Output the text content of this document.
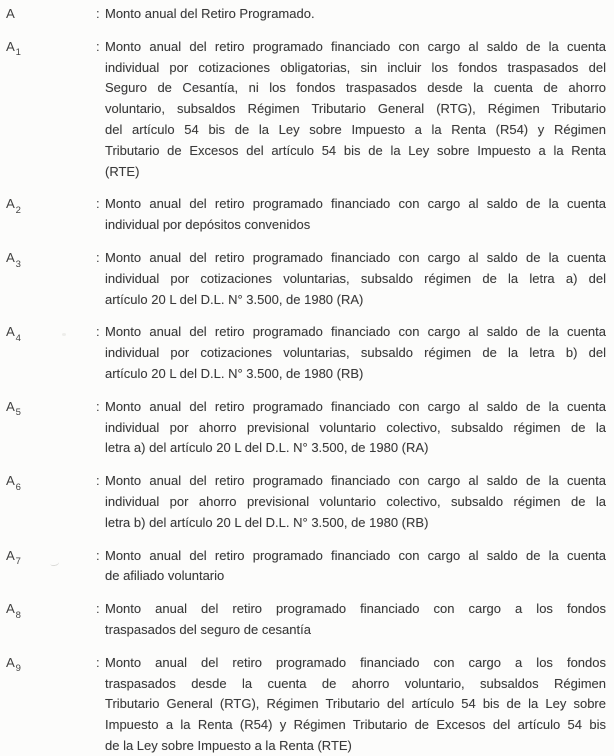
A	: Monto anual del Retiro Programado.
$A_1$	: Monto anual del retiro programado financiado con cargo al saldo de la cuenta
individual por cotizaciones obligatorias, sin incluir los fondos traspasados del
Seguro de Cesantía, ni los fondos traspasados desde la cuenta de ahorro
voluntario, subsaldos Régimen Tributario General (RTG), Régimen Tributario
del artículo 54 bis de la Ley sobre Impuesto a la Renta (R54) y Régimen
Tributario de Excesos del artículo 54 bis de la Ley sobre Impuesto a la Renta
(RTE)
$A_2$	: Monto anual del retiro programado financiado con cargo al saldo de la cuenta
individual por depósitos convenidos
$A_3$	: Monto anual del retiro programado financiado con cargo al saldo de la cuenta
individual por cotizaciones voluntarias, subsaldo régimen de la letra a) del
artículo 20 L del D.L. N° 3.500, de 1980 (RA)
$A_4$	: Monto anual del retiro programado financiado con cargo al saldo de la cuenta
individual por cotizaciones voluntarias, subsaldo régimen de la letra b) del
artículo 20 L del D.L. N° 3.500, de 1980 (RB)
$A_5$	: Monto anual del retiro programado financiado con cargo al saldo de la cuenta
individual por ahorro previsional voluntario colectivo, subsaldo régimen de la
letra a) del artículo 20 L del D.L. N° 3.500, de 1980 (RA)
$A_6$	: Monto anual del retiro programado financiado con cargo al saldo de la cuenta
individual por ahorro previsional voluntario colectivo, subsaldo régimen de la
letra b) del artículo 20 L del D.L. N° 3.500, de 1980 (RB)
$A_7$	: Monto anual del retiro programado financiado con cargo al saldo de la cuenta
de afiliado voluntario
$A_8$	: Monto anual del retiro programado financiado con cargo a los fondos
traspasados del seguro de cesantía
$A_9$	: Monto anual del retiro programado financiado con cargo a los fondos
traspasados desde la cuenta de ahorro voluntario, subsaldos Régimen
Tributario General (RTG), Régimen Tributario del artículo 54 bis de la Ley sobre
Impuesto a la Renta (R54) y Régimen Tributario de Excesos del artículo 54 bis
de la Ley sobre Impuesto a la Renta (RTE)
